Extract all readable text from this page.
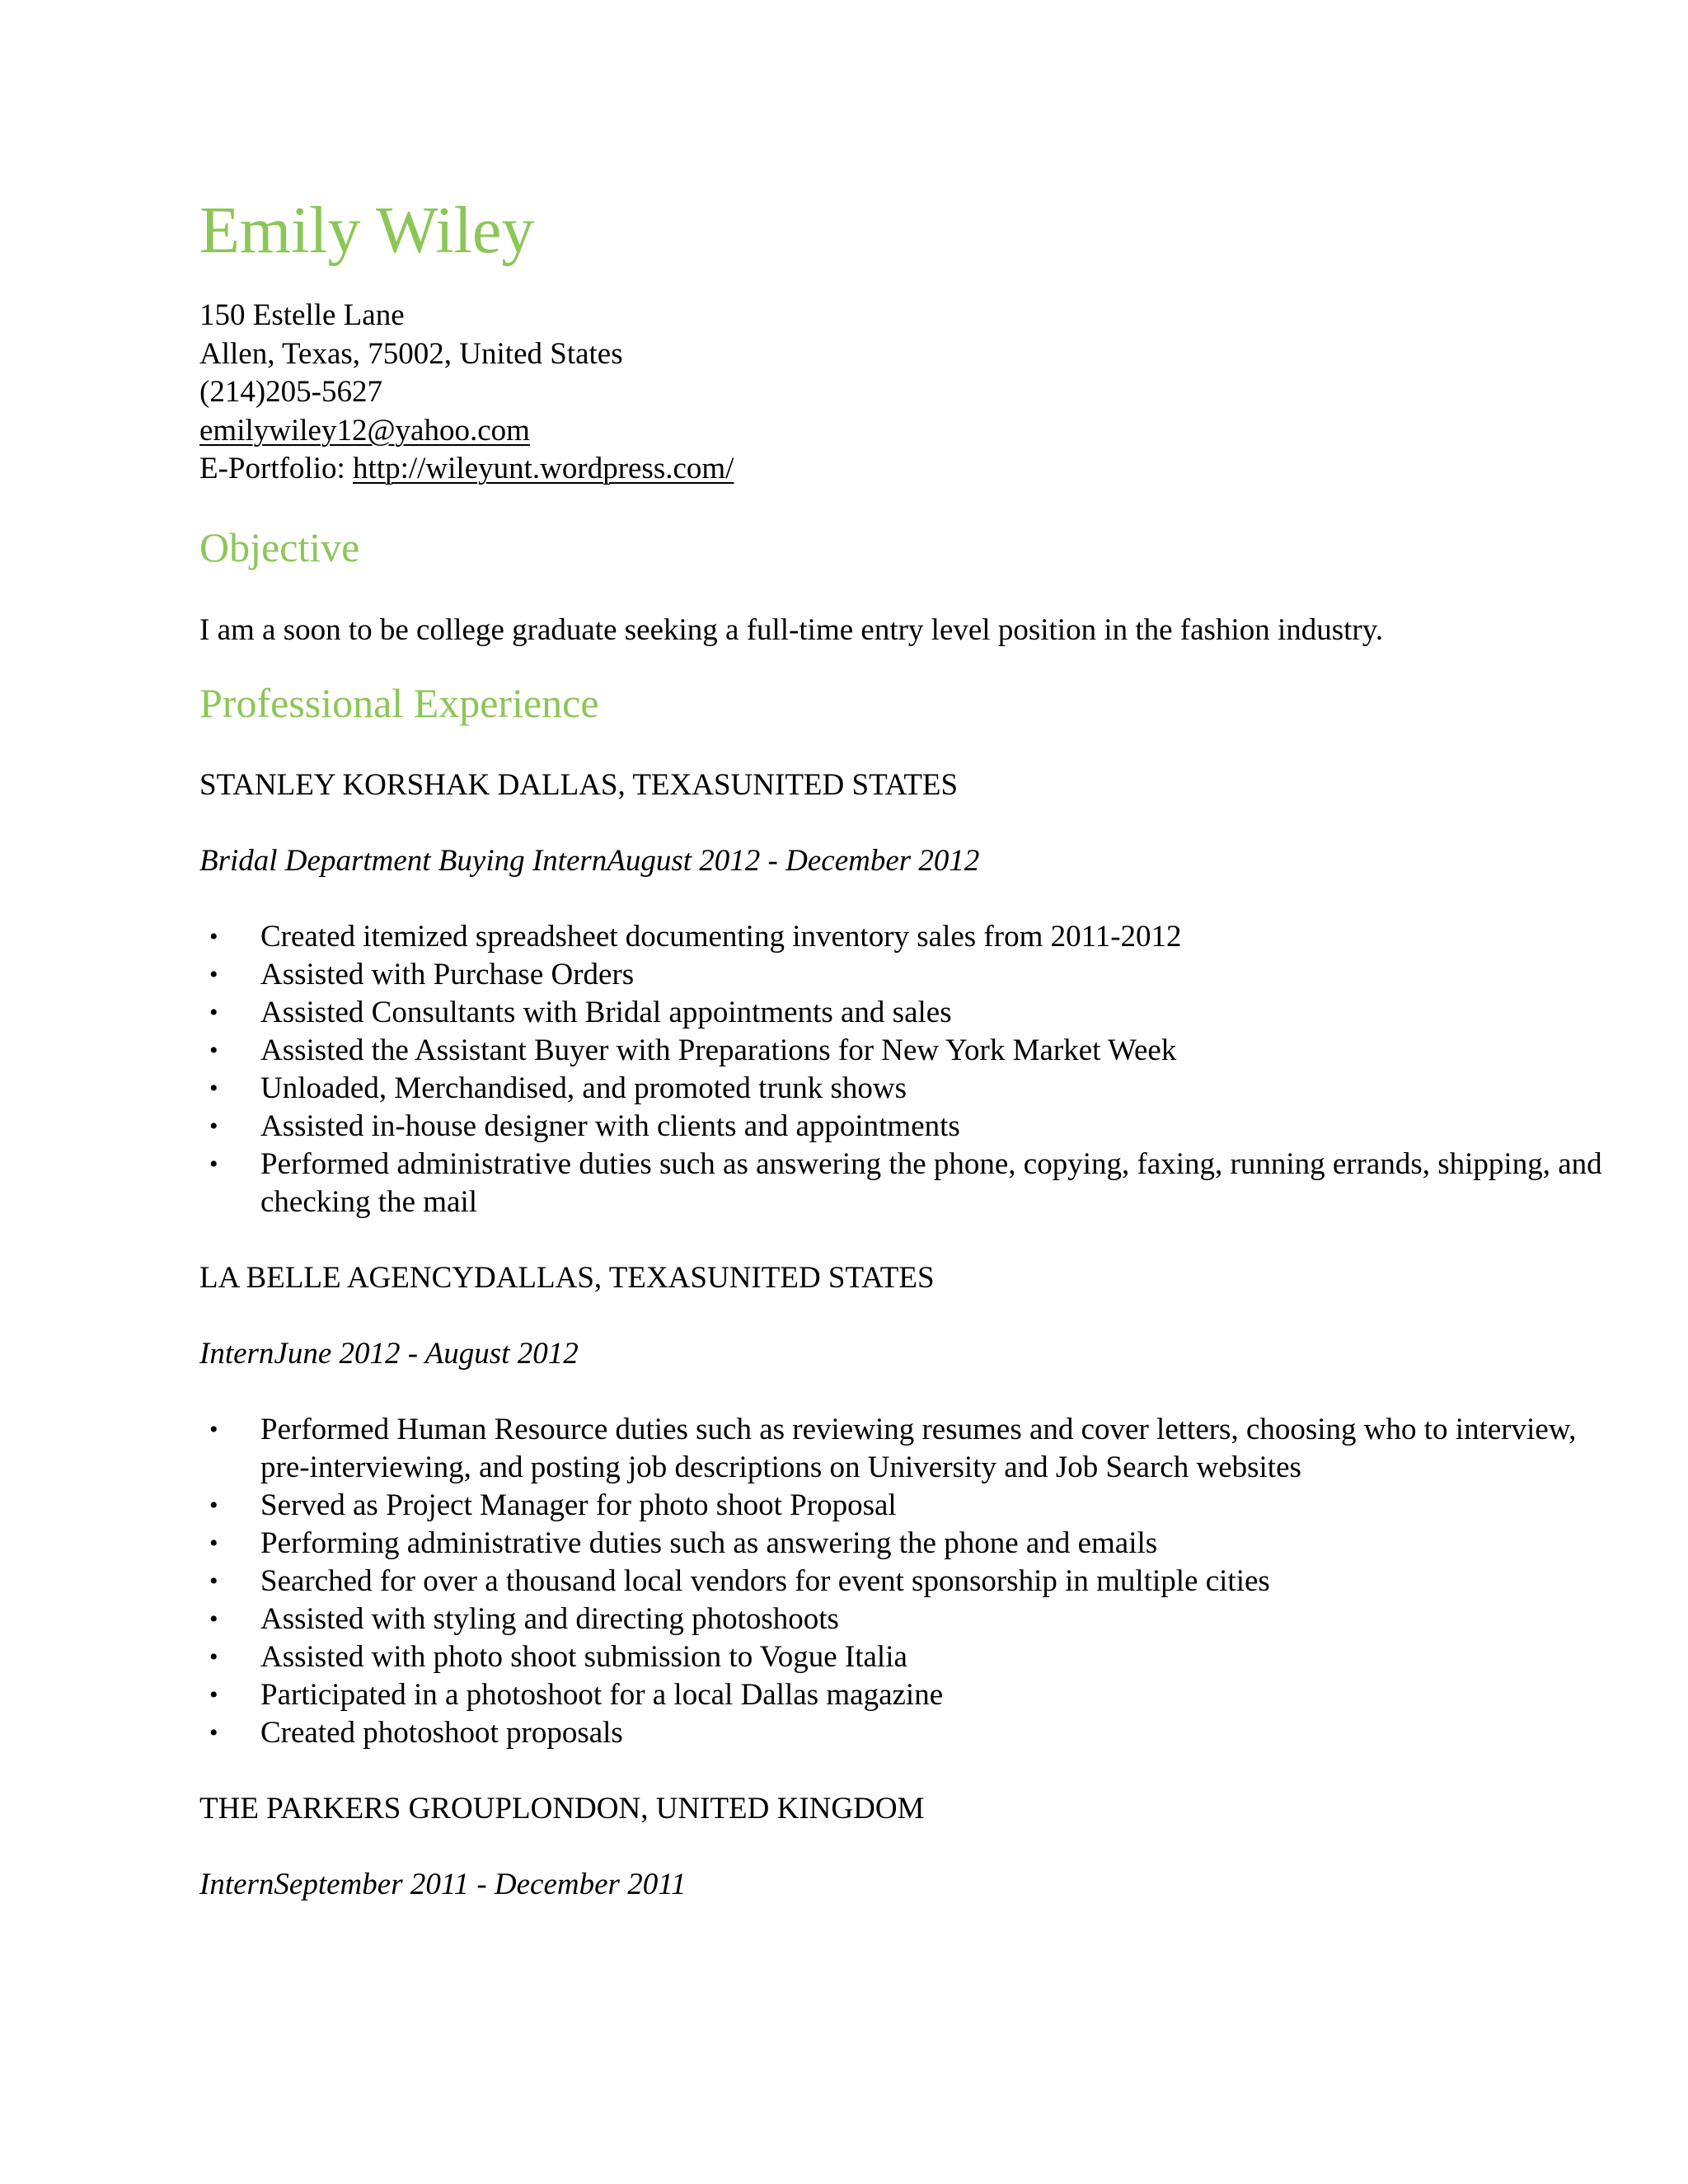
Emily Wiley
150 Estelle Lane
Allen, Texas, 75002, United States
(214)205-5627
emilywiley12@yahoo.com
E-Portfolio: http://wileyunt.wordpress.com/
Objective
I am a soon to be college graduate seeking a full-time entry level position in the fashion industry.
Professional Experience
STANLEY KORSHAK DALLAS, TEXASUNITED STATES
Bridal Department Buying InternAugust 2012 - December 2012
• Created itemized spreadsheet documenting inventory sales from 2011-2012
• Assisted with Purchase Orders
• Assisted Consultants with Bridal appointments and sales
• Assisted the Assistant Buyer with Preparations for New York Market Week
• Unloaded, Merchandised, and promoted trunk shows
• Assisted in-house designer with clients and appointments
• Performed administrative duties such as answering the phone, copying, faxing, running errands, shipping, and checking the mail
LA BELLE AGENCYDALLAS, TEXASUNITED STATES
InternJune 2012 - August 2012
• Performed Human Resource duties such as reviewing resumes and cover letters, choosing who to interview, pre-interviewing, and posting job descriptions on University and Job Search websites
• Served as Project Manager for photo shoot Proposal
• Performing administrative duties such as answering the phone and emails
• Searched for over a thousand local vendors for event sponsorship in multiple cities
• Assisted with styling and directing photoshoots
• Assisted with photo shoot submission to Vogue Italia
• Participated in a photoshoot for a local Dallas magazine
• Created photoshoot proposals
THE PARKERS GROUPLONDON, UNITED KINGDOM
InternSeptember 2011 - December 2011
